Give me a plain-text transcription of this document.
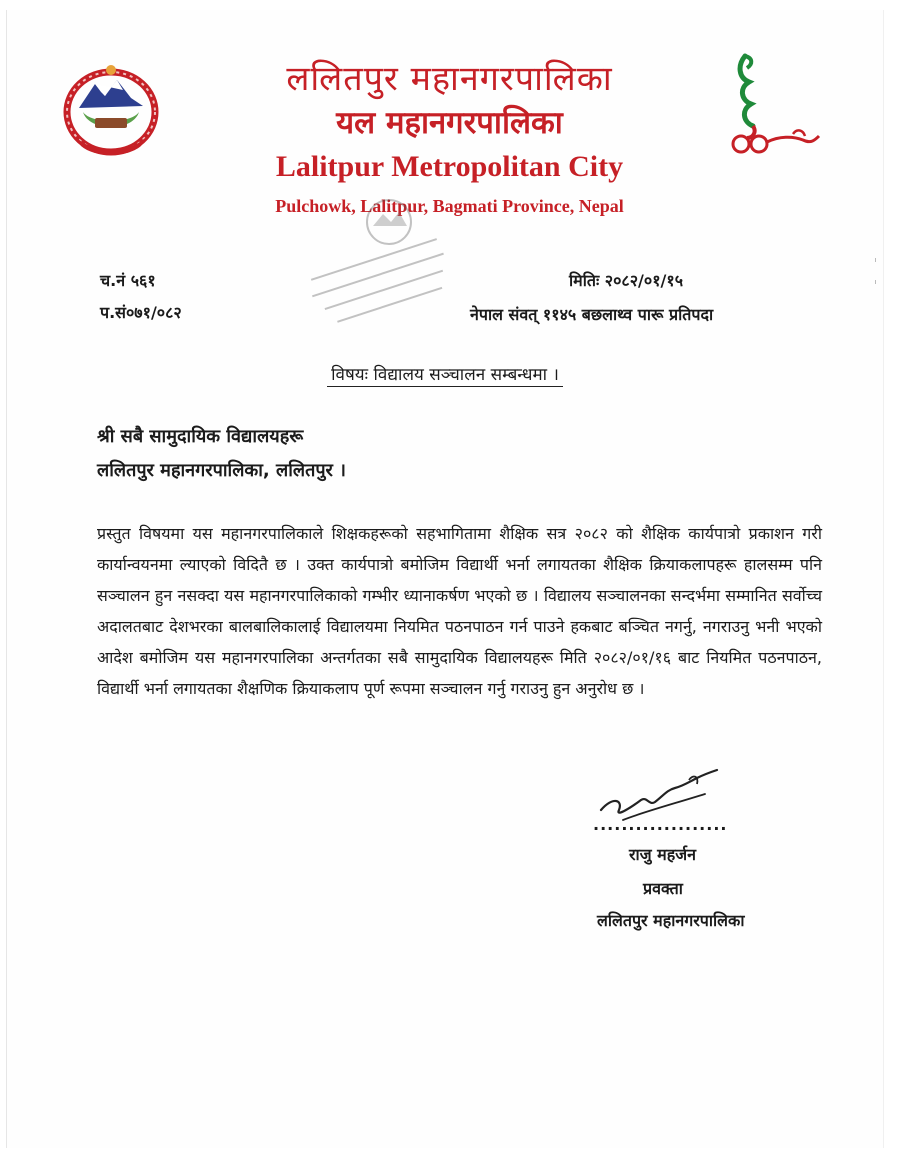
ललितपुर महानगरपालिका
यल महानगरपालिका
Lalitpur Metropolitan City
Pulchowk, Lalitpur, Bagmati Province, Nepal
च.नं ५६१
प.सं०७१/०८२
मितिः २०८२/०१/१५
नेपाल संवत् ११४५ बछलाथ्व पारू प्रतिपदा
विषयः विद्यालय सञ्चालन सम्बन्धमा ।
श्री सबै सामुदायिक विद्यालयहरू
ललितपुर महानगरपालिका, ललितपुर ।
प्रस्तुत विषयमा यस महानगरपालिकाले शिक्षकहरूको सहभागितामा शैक्षिक सत्र २०८२ को शैक्षिक कार्यपात्रो प्रकाशन गरी कार्यान्वयनमा ल्याएको विदितै छ । उक्त कार्यपात्रो बमोजिम विद्यार्थी भर्ना लगायतका शैक्षिक क्रियाकलापहरू हालसम्म पनि सञ्चालन हुन नसक्दा यस महानगरपालिकाको गम्भीर ध्यानाकर्षण भएको छ । विद्यालय सञ्चालनका सन्दर्भमा सम्मानित सर्वोच्च अदालतबाट देशभरका बालबालिकालाई विद्यालयमा नियमित पठनपाठन गर्न पाउने हकबाट बञ्चित नगर्नु, नगराउनु भनी भएको आदेश बमोजिम यस महानगरपालिका अन्तर्गतका सबै सामुदायिक विद्यालयहरू मिति २०८२/०१/१६ बाट नियमित पठनपाठन, विद्यार्थी भर्ना लगायतका शैक्षणिक क्रियाकलाप पूर्ण रूपमा सञ्चालन गर्नु गराउनु हुन अनुरोध छ ।
...................
राजु महर्जन
प्रवक्ता
ललितपुर महानगरपालिका
